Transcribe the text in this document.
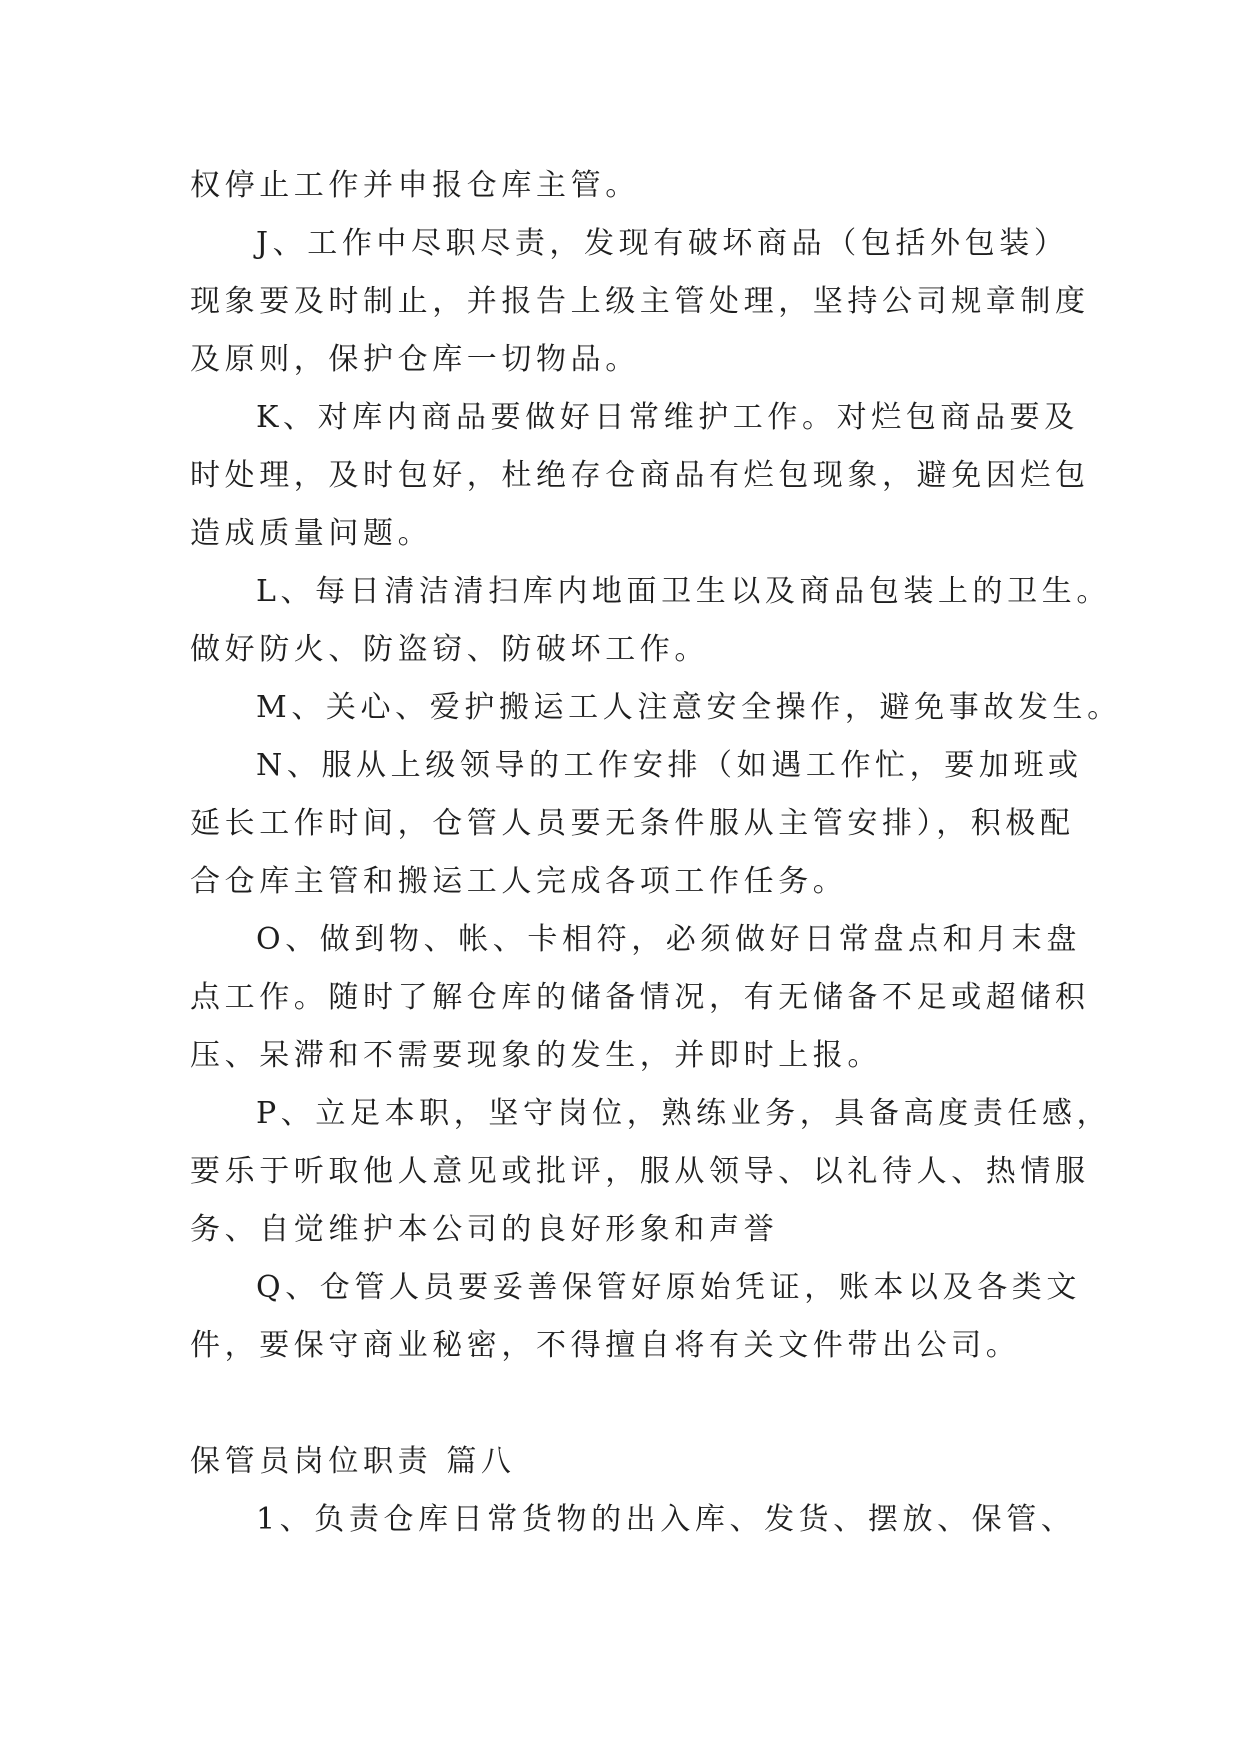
权停止工作并申报仓库主管。

J、工作中尽职尽责，发现有破坏商品（包括外包装）

现象要及时制止，并报告上级主管处理，坚持公司规章制度

及原则，保护仓库一切物品。

K、对库内商品要做好日常维护工作。对烂包商品要及

时处理，及时包好，杜绝存仓商品有烂包现象，避免因烂包

造成质量问题。

L、每日清洁清扫库内地面卫生以及商品包装上的卫生。

做好防火、防盗窃、防破坏工作。

M、关心、爱护搬运工人注意安全操作，避免事故发生。

N、服从上级领导的工作安排（如遇工作忙，要加班或

延长工作时间，仓管人员要无条件服从主管安排），积极配

合仓库主管和搬运工人完成各项工作任务。

O、做到物、帐、卡相符，必须做好日常盘点和月末盘

点工作。随时了解仓库的储备情况，有无储备不足或超储积

压、呆滞和不需要现象的发生，并即时上报。

P、立足本职，坚守岗位，熟练业务，具备高度责任感，

要乐于听取他人意见或批评，服从领导、以礼待人、热情服

务、自觉维护本公司的良好形象和声誉

Q、仓管人员要妥善保管好原始凭证，账本以及各类文

件，要保守商业秘密，不得擅自将有关文件带出公司。

保管员岗位职责 篇八

1、负责仓库日常货物的出入库、发货、摆放、保管、
